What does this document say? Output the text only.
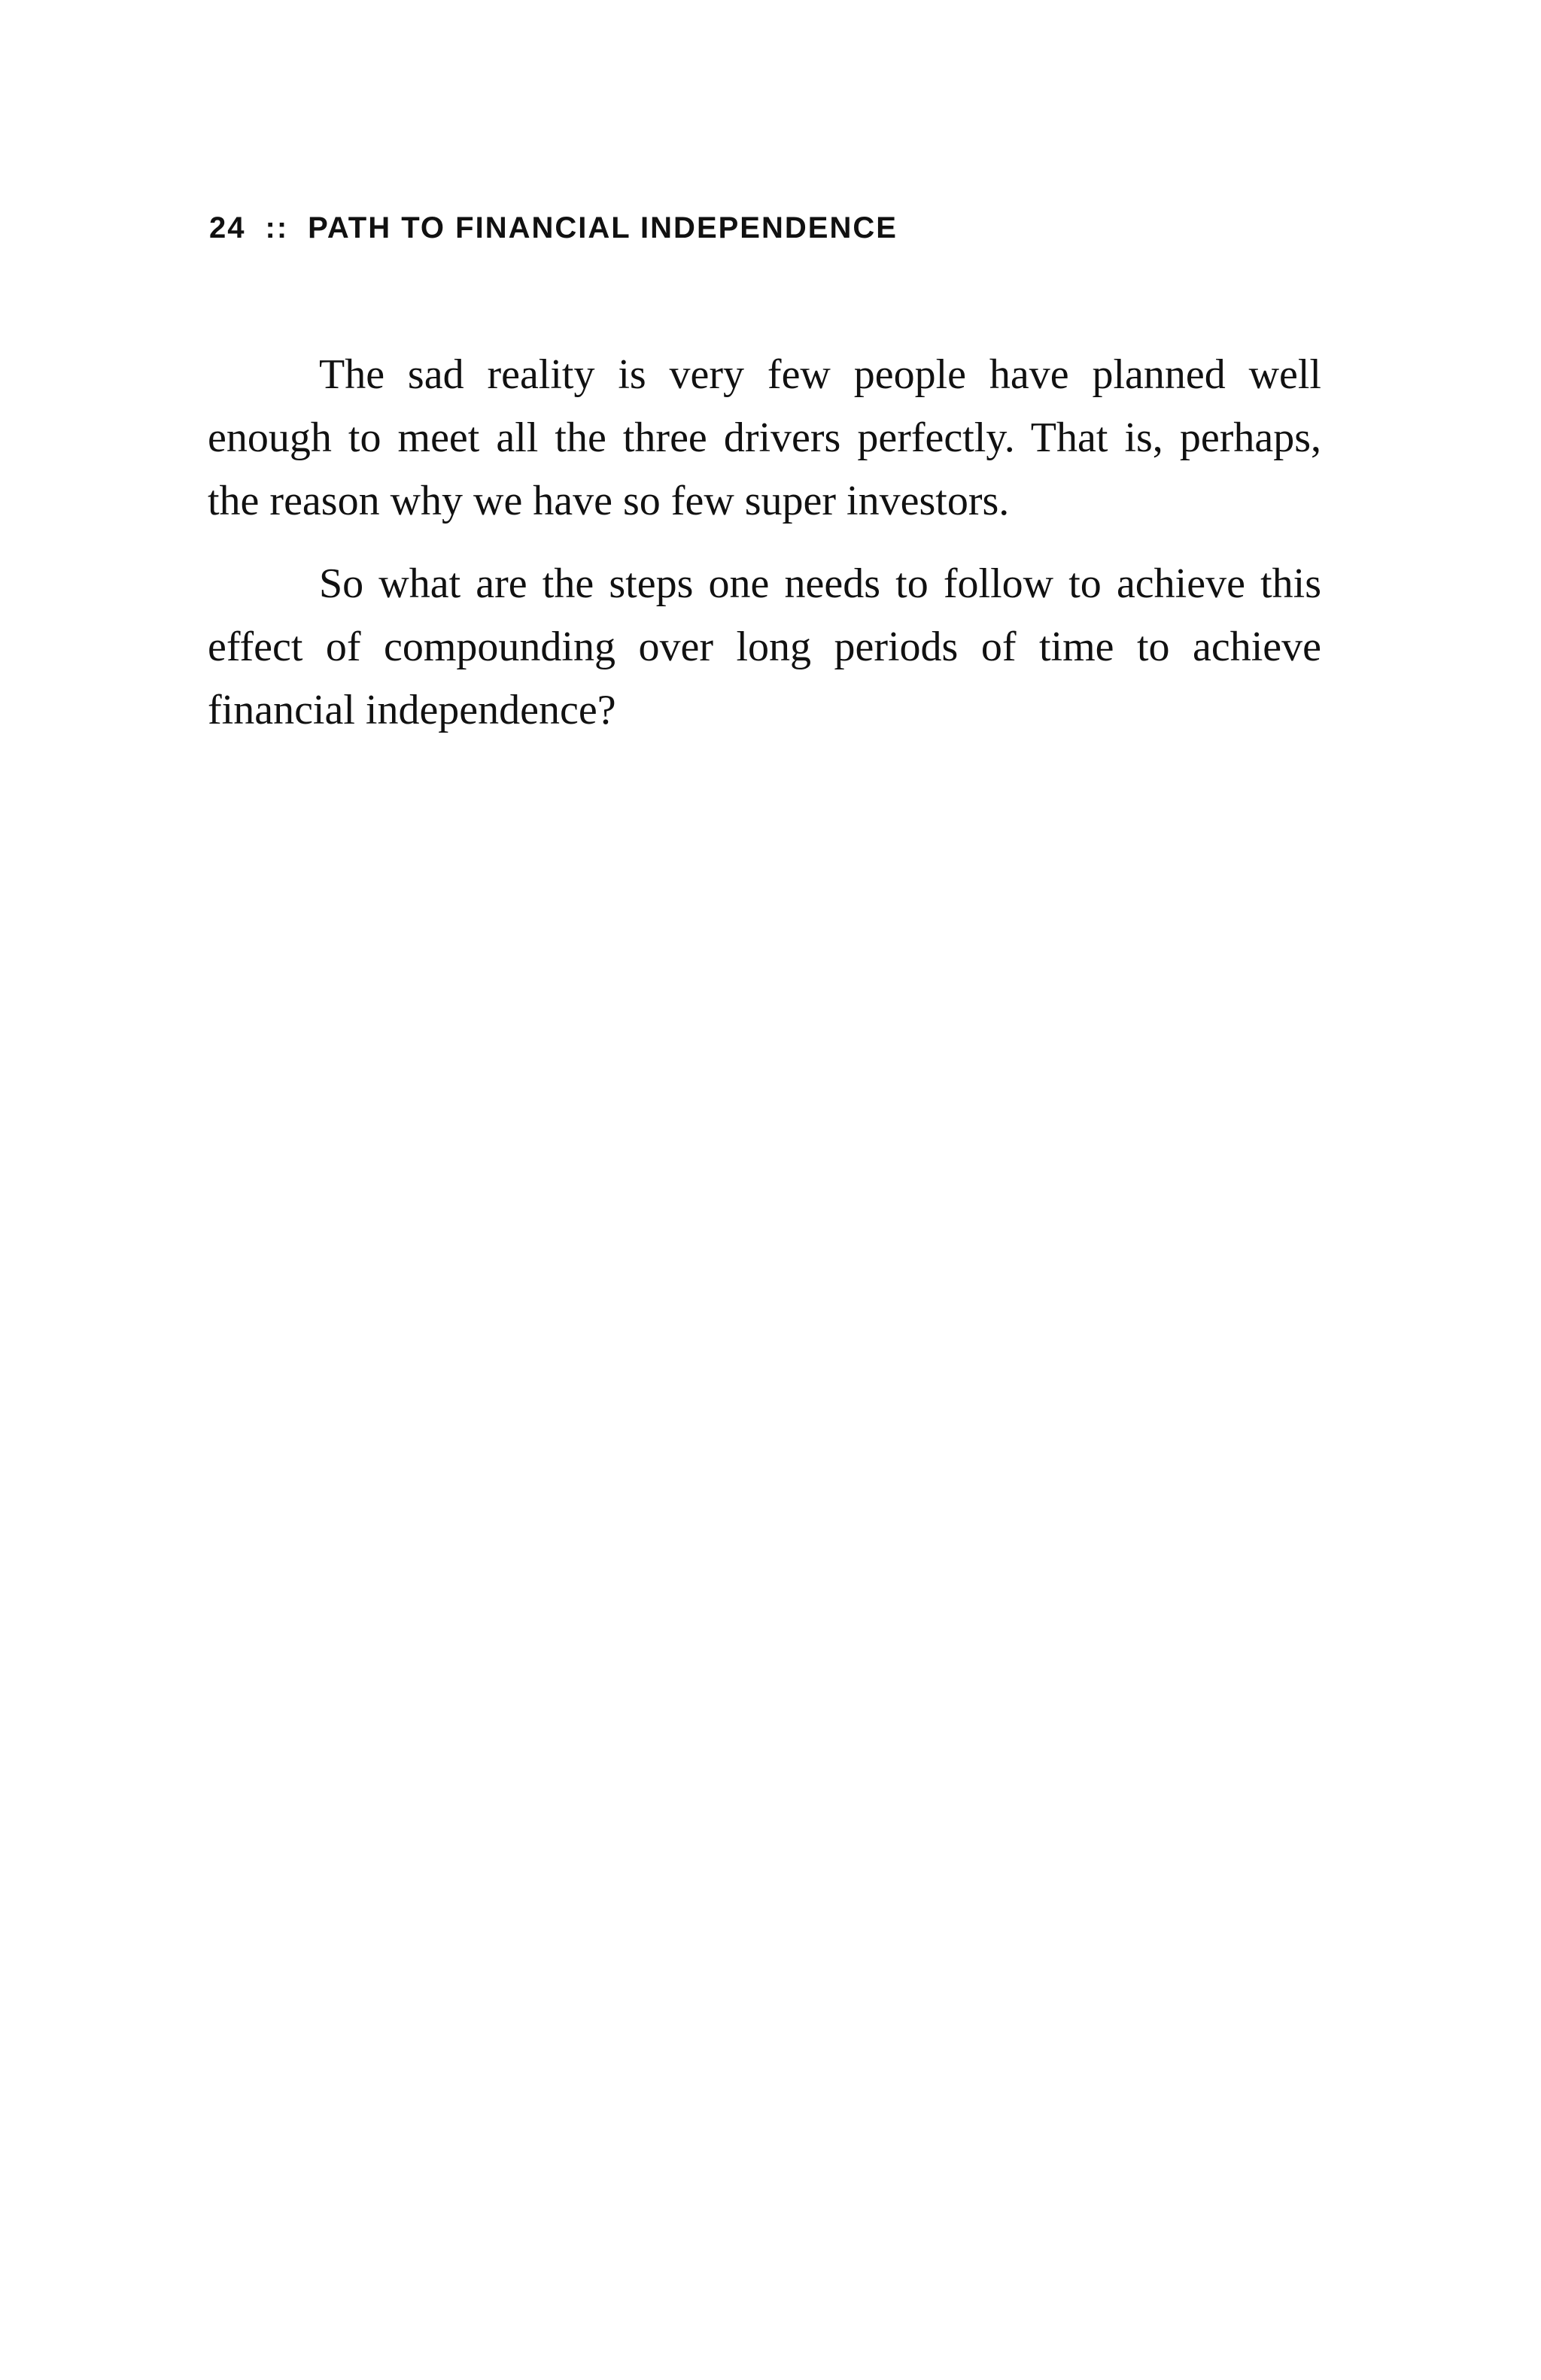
24 :: PATH TO FINANCIAL INDEPENDENCE

The sad reality is very few people have planned well enough to meet all the three drivers perfectly. That is, perhaps, the reason why we have so few super investors.

So what are the steps one needs to follow to achieve this effect of compounding over long periods of time to achieve financial independence?
